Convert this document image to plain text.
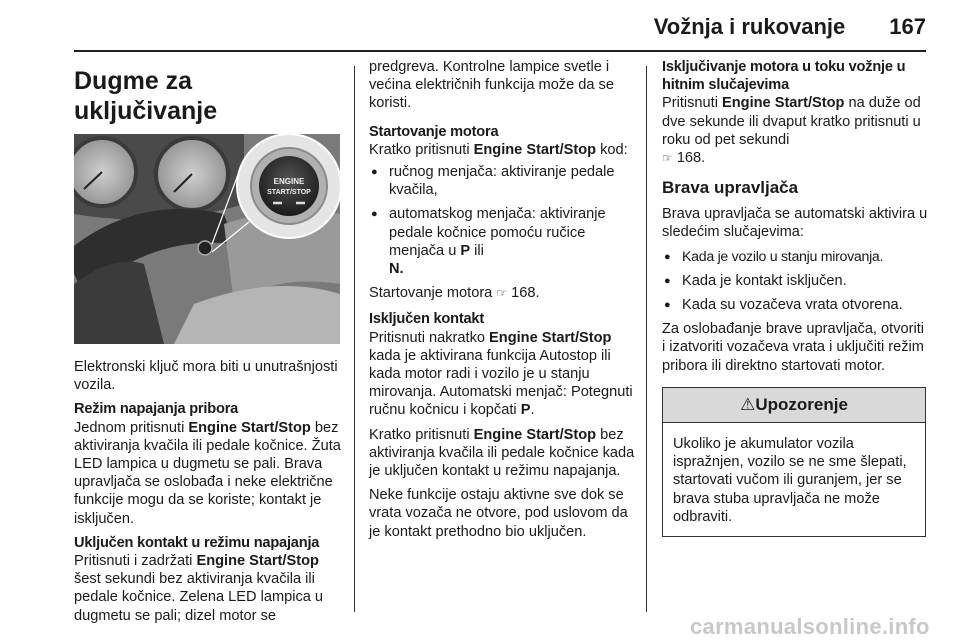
Vožnja i rukovanje 167
Dugme za uključivanje
ENGINE
START/STOP

Elektronski ključ mora biti u unutrašnjosti vozila.

Režim napajanja pribora

Jednom pritisnuti Engine Start/Stop bez aktiviranja kvačila ili pedale kočnice. Žuta LED lampica u dugmetu se pali. Brava upravljača se oslobađa i neke električne funkcije mogu da se koriste; kontakt je isključen.

Uključen kontakt u režimu napajanja

Pritisnuti i zadržati Engine Start/Stop šest sekundi bez aktiviranja kvačila ili pedale kočnice. Zelena LED lampica u dugmetu se pali; dizel motor se

predgreva. Kontrolne lampice svetle i većina električnih funkcija može da se koristi.

Startovanje motora

Kratko pritisnuti Engine Start/Stop kod:

● ručnog menjača: aktiviranje pedale kvačila,
● automatskog menjača: aktiviranje pedale kočnice pomoću ručice menjača u P ili
N.

Startovanje motora ☞ 168.

Isključen kontakt

Pritisnuti nakratko Engine Start/Stop kada je aktivirana funkcija Autostop ili kada motor radi i vozilo je u stanju mirovanja. Automatski menjač: Potegnuti ručnu kočnicu i kopčati P.

Kratko pritisnuti Engine Start/Stop bez aktiviranja kvačila ili pedale kočnice kada je uključen kontakt u režimu napajanja.

Neke funkcije ostaju aktivne sve dok se vrata vozača ne otvore, pod uslovom da je kontakt prethodno bio uključen.

Isključivanje motora u toku vožnje u hitnim slučajevima

Pritisnuti Engine Start/Stop na duže od dve sekunde ili dvaput kratko pritisnuti u roku od pet sekundi
☞ 168.

Brava upravljača

Brava upravljača se automatski aktivira u sledećim slučajevima:

● Kada je vozilo u stanju mirovanja.
● Kada je kontakt isključen.
● Kada su vozačeva vrata otvorena.

Za oslobađanje brave upravljača, otvoriti i izatvoriti vozačeva vrata i uključiti režim pribora ili direktno startovati motor.

⚠Upozorenje
Ukoliko je akumulator vozila ispražnjen, vozilo se ne sme šlepati, startovati vučom ili guranjem, jer se brava stuba upravljača ne može odbraviti.
carmanualsonline.info
